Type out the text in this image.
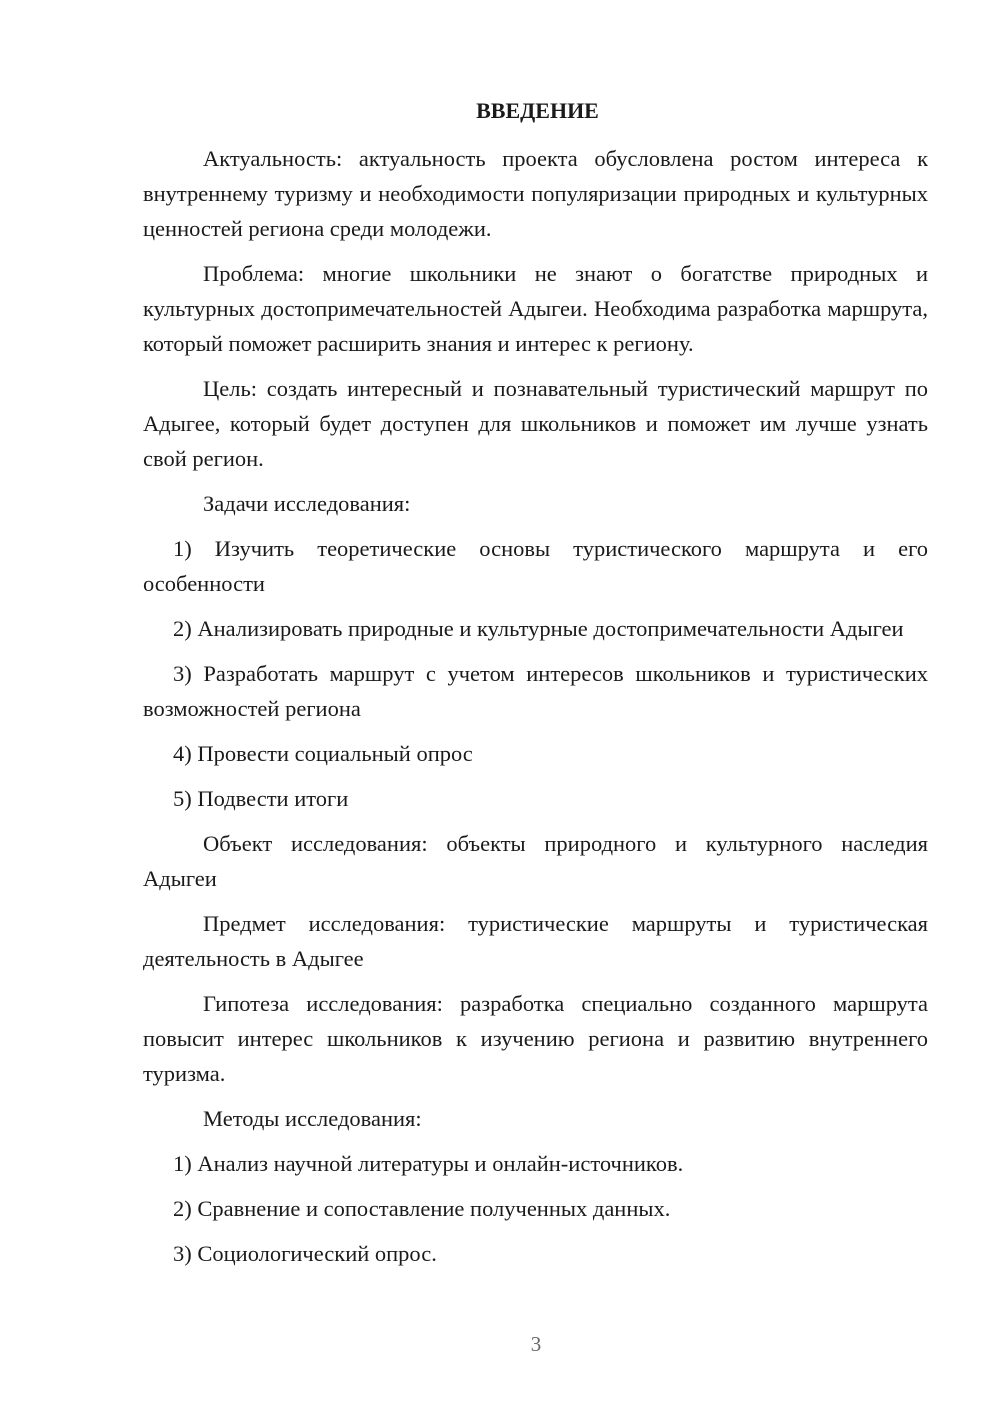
ВВЕДЕНИЕ

Актуальность: актуальность проекта обусловлена ростом интереса к внутреннему туризму и необходимости популяризации природных и культурных ценностей региона среди молодежи.

Проблема: многие школьники не знают о богатстве природных и культурных достопримечательностей Адыгеи. Необходима разработка маршрута, который поможет расширить знания и интерес к региону.

Цель: создать интересный и познавательный туристический маршрут по Адыгее, который будет доступен для школьников и поможет им лучше узнать свой регион.

Задачи исследования:

1) Изучить теоретические основы туристического маршрута и его особенности

2) Анализировать природные и культурные достопримечательности Адыгеи

3) Разработать маршрут с учетом интересов школьников и туристических возможностей региона

4) Провести социальный опрос

5) Подвести итоги

Объект исследования: объекты природного и культурного наследия Адыгеи

Предмет исследования: туристические маршруты и туристическая деятельность в Адыгее

Гипотеза исследования: разработка специально созданного маршрута повысит интерес школьников к изучению региона и развитию внутреннего туризма.

Методы исследования:

1) Анализ научной литературы и онлайн-источников.

2) Сравнение и сопоставление полученных данных.

3) Социологический опрос.

3
